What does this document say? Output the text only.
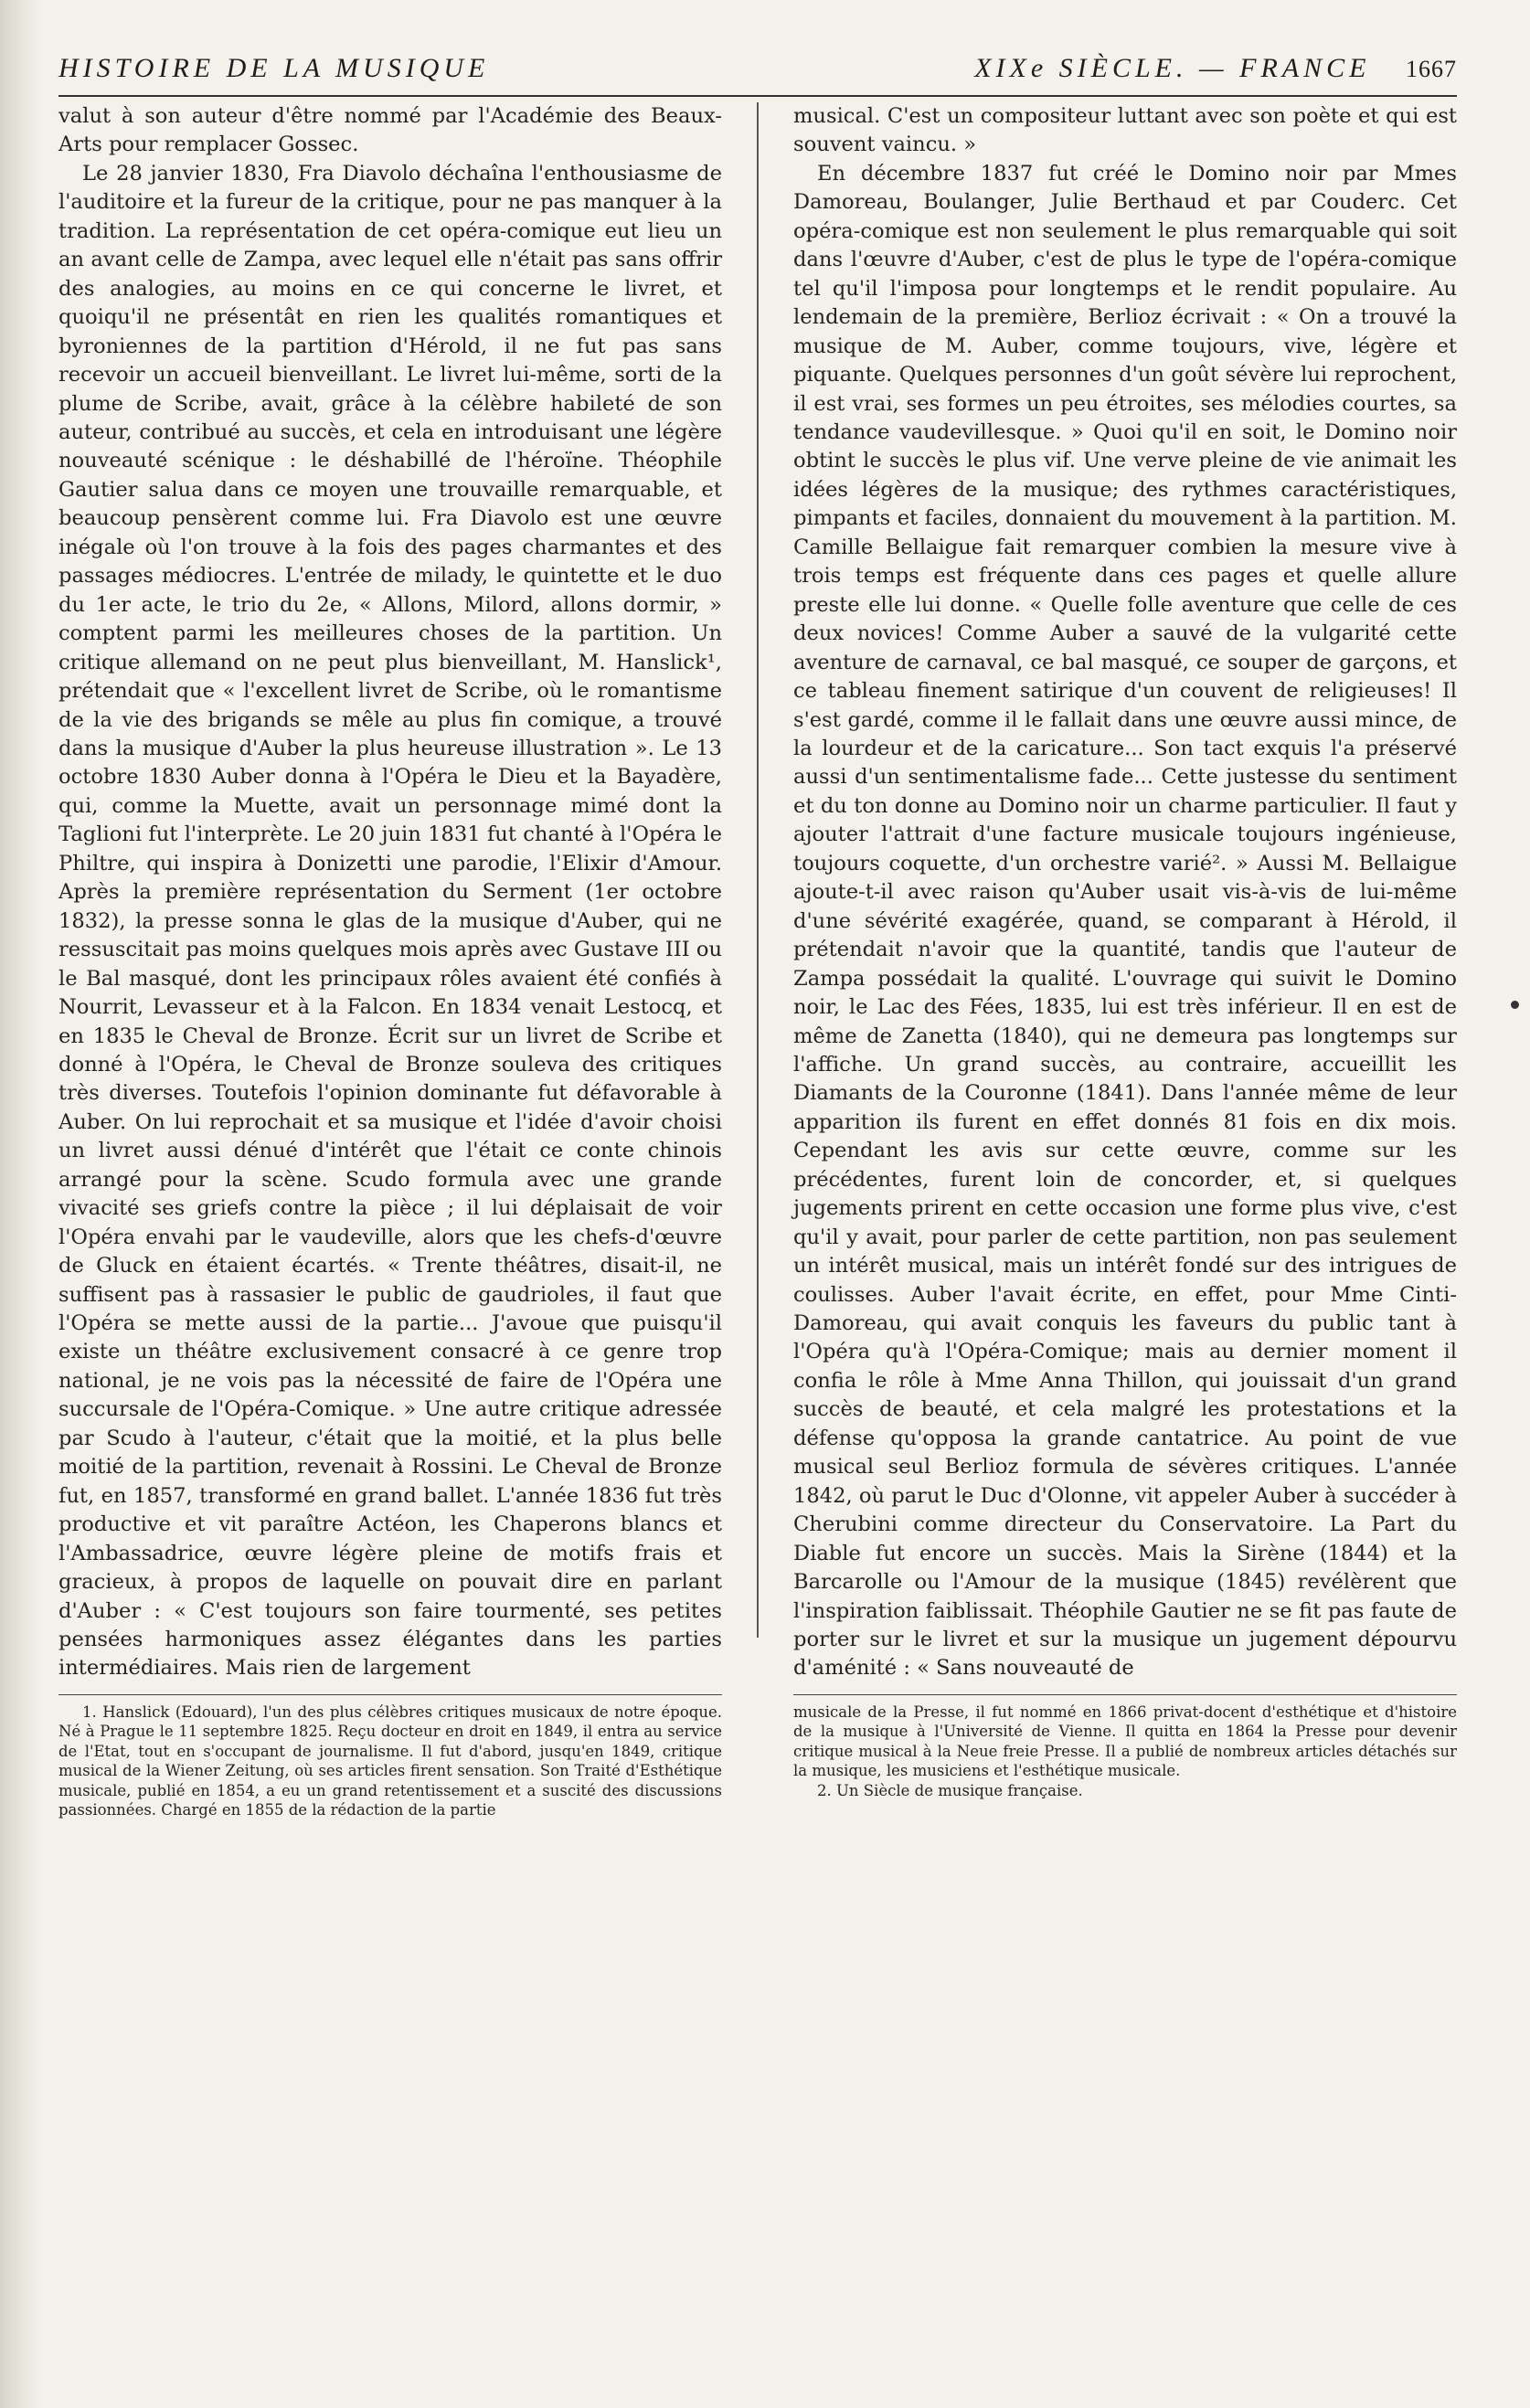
HISTOIRE DE LA MUSIQUE	XIXe SIÈCLE. — FRANCE 1667

valut à son auteur d'être nommé par l'Académie des Beaux-Arts pour remplacer Gossec.

Le 28 janvier 1830, Fra Diavolo déchaîna l'enthousiasme de l'auditoire et la fureur de la critique, pour ne pas manquer à la tradition. La représentation de cet opéra-comique eut lieu un an avant celle de Zampa, avec lequel elle n'était pas sans offrir des analogies, au moins en ce qui concerne le livret, et quoiqu'il ne présentât en rien les qualités romantiques et byroniennes de la partition d'Hérold, il ne fut pas sans recevoir un accueil bienveillant. Le livret lui-même, sorti de la plume de Scribe, avait, grâce à la célèbre habileté de son auteur, contribué au succès, et cela en introduisant une légère nouveauté scénique : le déshabillé de l'héroïne. Théophile Gautier salua dans ce moyen une trouvaille remarquable, et beaucoup pensèrent comme lui. Fra Diavolo est une œuvre inégale où l'on trouve à la fois des pages charmantes et des passages médiocres. L'entrée de milady, le quintette et le duo du 1er acte, le trio du 2e, « Allons, Milord, allons dormir, » comptent parmi les meilleures choses de la partition. Un critique allemand on ne peut plus bienveillant, M. Hanslick¹, prétendait que « l'excellent livret de Scribe, où le romantisme de la vie des brigands se mêle au plus fin comique, a trouvé dans la musique d'Auber la plus heureuse illustration ». Le 13 octobre 1830 Auber donna à l'Opéra le Dieu et la Bayadère, qui, comme la Muette, avait un personnage mimé dont la Taglioni fut l'interprète. Le 20 juin 1831 fut chanté à l'Opéra le Philtre, qui inspira à Donizetti une parodie, l'Elixir d'Amour. Après la première représentation du Serment (1er octobre 1832), la presse sonna le glas de la musique d'Auber, qui ne ressuscitait pas moins quelques mois après avec Gustave III ou le Bal masqué, dont les principaux rôles avaient été confiés à Nourrit, Levasseur et à la Falcon. En 1834 venait Lestocq, et en 1835 le Cheval de Bronze. Écrit sur un livret de Scribe et donné à l'Opéra, le Cheval de Bronze souleva des critiques très diverses. Toutefois l'opinion dominante fut défavorable à Auber. On lui reprochait et sa musique et l'idée d'avoir choisi un livret aussi dénué d'intérêt que l'était ce conte chinois arrangé pour la scène. Scudo formula avec une grande vivacité ses griefs contre la pièce ; il lui déplaisait de voir l'Opéra envahi par le vaudeville, alors que les chefs-d'œuvre de Gluck en étaient écartés. « Trente théâtres, disait-il, ne suffisent pas à rassasier le public de gaudrioles, il faut que l'Opéra se mette aussi de la partie... J'avoue que puisqu'il existe un théâtre exclusivement consacré à ce genre trop national, je ne vois pas la nécessité de faire de l'Opéra une succursale de l'Opéra-Comique. » Une autre critique adressée par Scudo à l'auteur, c'était que la moitié, et la plus belle moitié de la partition, revenait à Rossini. Le Cheval de Bronze fut, en 1857, transformé en grand ballet. L'année 1836 fut très productive et vit paraître Actéon, les Chaperons blancs et l'Ambassadrice, œuvre légère pleine de motifs frais et gracieux, à propos de laquelle on pouvait dire en parlant d'Auber : « C'est toujours son faire tourmenté, ses petites pensées harmoniques assez élégantes dans les parties intermédiaires. Mais rien de largement

1. Hanslick (Edouard), l'un des plus célèbres critiques musicaux de notre époque. Né à Prague le 11 septembre 1825. Reçu docteur en droit en 1849, il entra au service de l'Etat, tout en s'occupant de journalisme. Il fut d'abord, jusqu'en 1849, critique musical de la Wiener Zeitung, où ses articles firent sensation. Son Traité d'Esthétique musicale, publié en 1854, a eu un grand retentissement et a suscité des discussions passionnées. Chargé en 1855 de la rédaction de la partie

musical. C'est un compositeur luttant avec son poète et qui est souvent vaincu. »

En décembre 1837 fut créé le Domino noir par Mmes Damoreau, Boulanger, Julie Berthaud et par Couderc. Cet opéra-comique est non seulement le plus remarquable qui soit dans l'œuvre d'Auber, c'est de plus le type de l'opéra-comique tel qu'il l'imposa pour longtemps et le rendit populaire. Au lendemain de la première, Berlioz écrivait : « On a trouvé la musique de M. Auber, comme toujours, vive, légère et piquante. Quelques personnes d'un goût sévère lui reprochent, il est vrai, ses formes un peu étroites, ses mélodies courtes, sa tendance vaudevillesque. » Quoi qu'il en soit, le Domino noir obtint le succès le plus vif. Une verve pleine de vie animait les idées légères de la musique; des rythmes caractéristiques, pimpants et faciles, donnaient du mouvement à la partition. M. Camille Bellaigue fait remarquer combien la mesure vive à trois temps est fréquente dans ces pages et quelle allure preste elle lui donne. « Quelle folle aventure que celle de ces deux novices! Comme Auber a sauvé de la vulgarité cette aventure de carnaval, ce bal masqué, ce souper de garçons, et ce tableau finement satirique d'un couvent de religieuses! Il s'est gardé, comme il le fallait dans une œuvre aussi mince, de la lourdeur et de la caricature... Son tact exquis l'a préservé aussi d'un sentimentalisme fade... Cette justesse du sentiment et du ton donne au Domino noir un charme particulier. Il faut y ajouter l'attrait d'une facture musicale toujours ingénieuse, toujours coquette, d'un orchestre varié². » Aussi M. Bellaigue ajoute-t-il avec raison qu'Auber usait vis-à-vis de lui-même d'une sévérité exagérée, quand, se comparant à Hérold, il prétendait n'avoir que la quantité, tandis que l'auteur de Zampa possédait la qualité. L'ouvrage qui suivit le Domino noir, le Lac des Fées, 1835, lui est très inférieur. Il en est de même de Zanetta (1840), qui ne demeura pas longtemps sur l'affiche. Un grand succès, au contraire, accueillit les Diamants de la Couronne (1841). Dans l'année même de leur apparition ils furent en effet donnés 81 fois en dix mois. Cependant les avis sur cette œuvre, comme sur les précédentes, furent loin de concorder, et, si quelques jugements prirent en cette occasion une forme plus vive, c'est qu'il y avait, pour parler de cette partition, non pas seulement un intérêt musical, mais un intérêt fondé sur des intrigues de coulisses. Auber l'avait écrite, en effet, pour Mme Cinti-Damoreau, qui avait conquis les faveurs du public tant à l'Opéra qu'à l'Opéra-Comique; mais au dernier moment il confia le rôle à Mme Anna Thillon, qui jouissait d'un grand succès de beauté, et cela malgré les protestations et la défense qu'opposa la grande cantatrice. Au point de vue musical seul Berlioz formula de sévères critiques. L'année 1842, où parut le Duc d'Olonne, vit appeler Auber à succéder à Cherubini comme directeur du Conservatoire. La Part du Diable fut encore un succès. Mais la Sirène (1844) et la Barcarolle ou l'Amour de la musique (1845) revélèrent que l'inspiration faiblissait. Théophile Gautier ne se fit pas faute de porter sur le livret et sur la musique un jugement dépourvu d'aménité : « Sans nouveauté de

musicale de la Presse, il fut nommé en 1866 privat-docent d'esthétique et d'histoire de la musique à l'Université de Vienne. Il quitta en 1864 la Presse pour devenir critique musical à la Neue freie Presse. Il a publié de nombreux articles détachés sur la musique, les musiciens et l'esthétique musicale.

2. Un Siècle de musique française.
